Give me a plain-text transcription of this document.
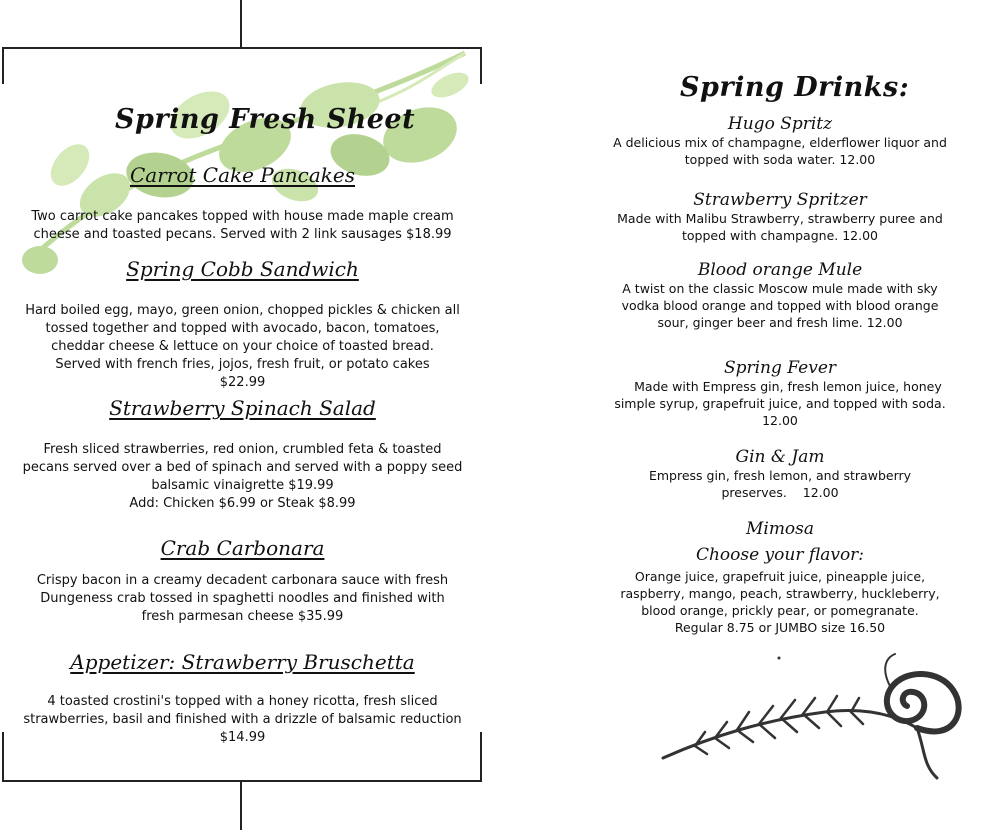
Spring Fresh Sheet
Carrot Cake Pancakes

Two carrot cake pancakes topped with house made maple cream

cheese and toasted pecans. Served with 2 link sausages $18.99

Spring Cobb Sandwich

Hard boiled egg, mayo, green onion, chopped pickles & chicken all

tossed together and topped with avocado, bacon, tomatoes,

cheddar cheese & lettuce on your choice of toasted bread.

Served with french fries, jojos, fresh fruit, or potato cakes

$22.99

Strawberry Spinach Salad

Fresh sliced strawberries, red onion, crumbled feta & toasted

pecans served over a bed of spinach and served with a poppy seed

balsamic vinaigrette $19.99

Add: Chicken $6.99 or Steak $8.99

Crab Carbonara

Crispy bacon in a creamy decadent carbonara sauce with fresh

Dungeness crab tossed in spaghetti noodles and finished with

fresh parmesan cheese $35.99

Appetizer: Strawberry Bruschetta

4 toasted crostini's topped with a honey ricotta, fresh sliced

strawberries, basil and finished with a drizzle of balsamic reduction

$14.99

Spring Drinks:
Hugo Spritz

A delicious mix of champagne, elderflower liquor and

topped with soda water. 12.00

Strawberry Spritzer

Made with Malibu Strawberry, strawberry puree and

topped with champagne. 12.00

Blood orange Mule

A twist on the classic Moscow mule made with sky

vodka blood orange and topped with blood orange

sour, ginger beer and fresh lime. 12.00

Spring Fever

Made with Empress gin, fresh lemon juice, honey

simple syrup, grapefruit juice, and topped with soda.

12.00

Gin & Jam

Empress gin, fresh lemon, and strawberry

preserves.    12.00

Mimosa
Choose your flavor:

Orange juice, grapefruit juice, pineapple juice,

raspberry, mango, peach, strawberry, huckleberry,

blood orange, prickly pear, or pomegranate.

Regular 8.75 or JUMBO size 16.50
